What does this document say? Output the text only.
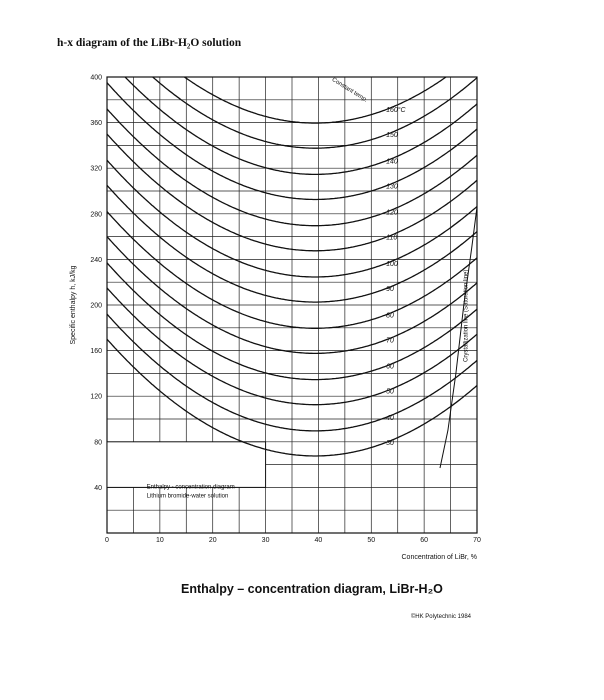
h-x diagram of the LiBr-H₂O solution
Enthalpy - concentration diagram
Lithium bromide-water solution
40
80
120
160
200
240
280
320
360
400
0	10	20	30	40	50	60	70
160°C
150
140
130
120
110
100
90
80
70
60
50
40
30
Specific enthalpy h, kJ/kg
Concentration of LiBr, %
Constant temp.
Crystallization line (Saturation line)
Enthalpy – concentration diagram, LiBr-H₂O
©HK Polytechnic 1984
